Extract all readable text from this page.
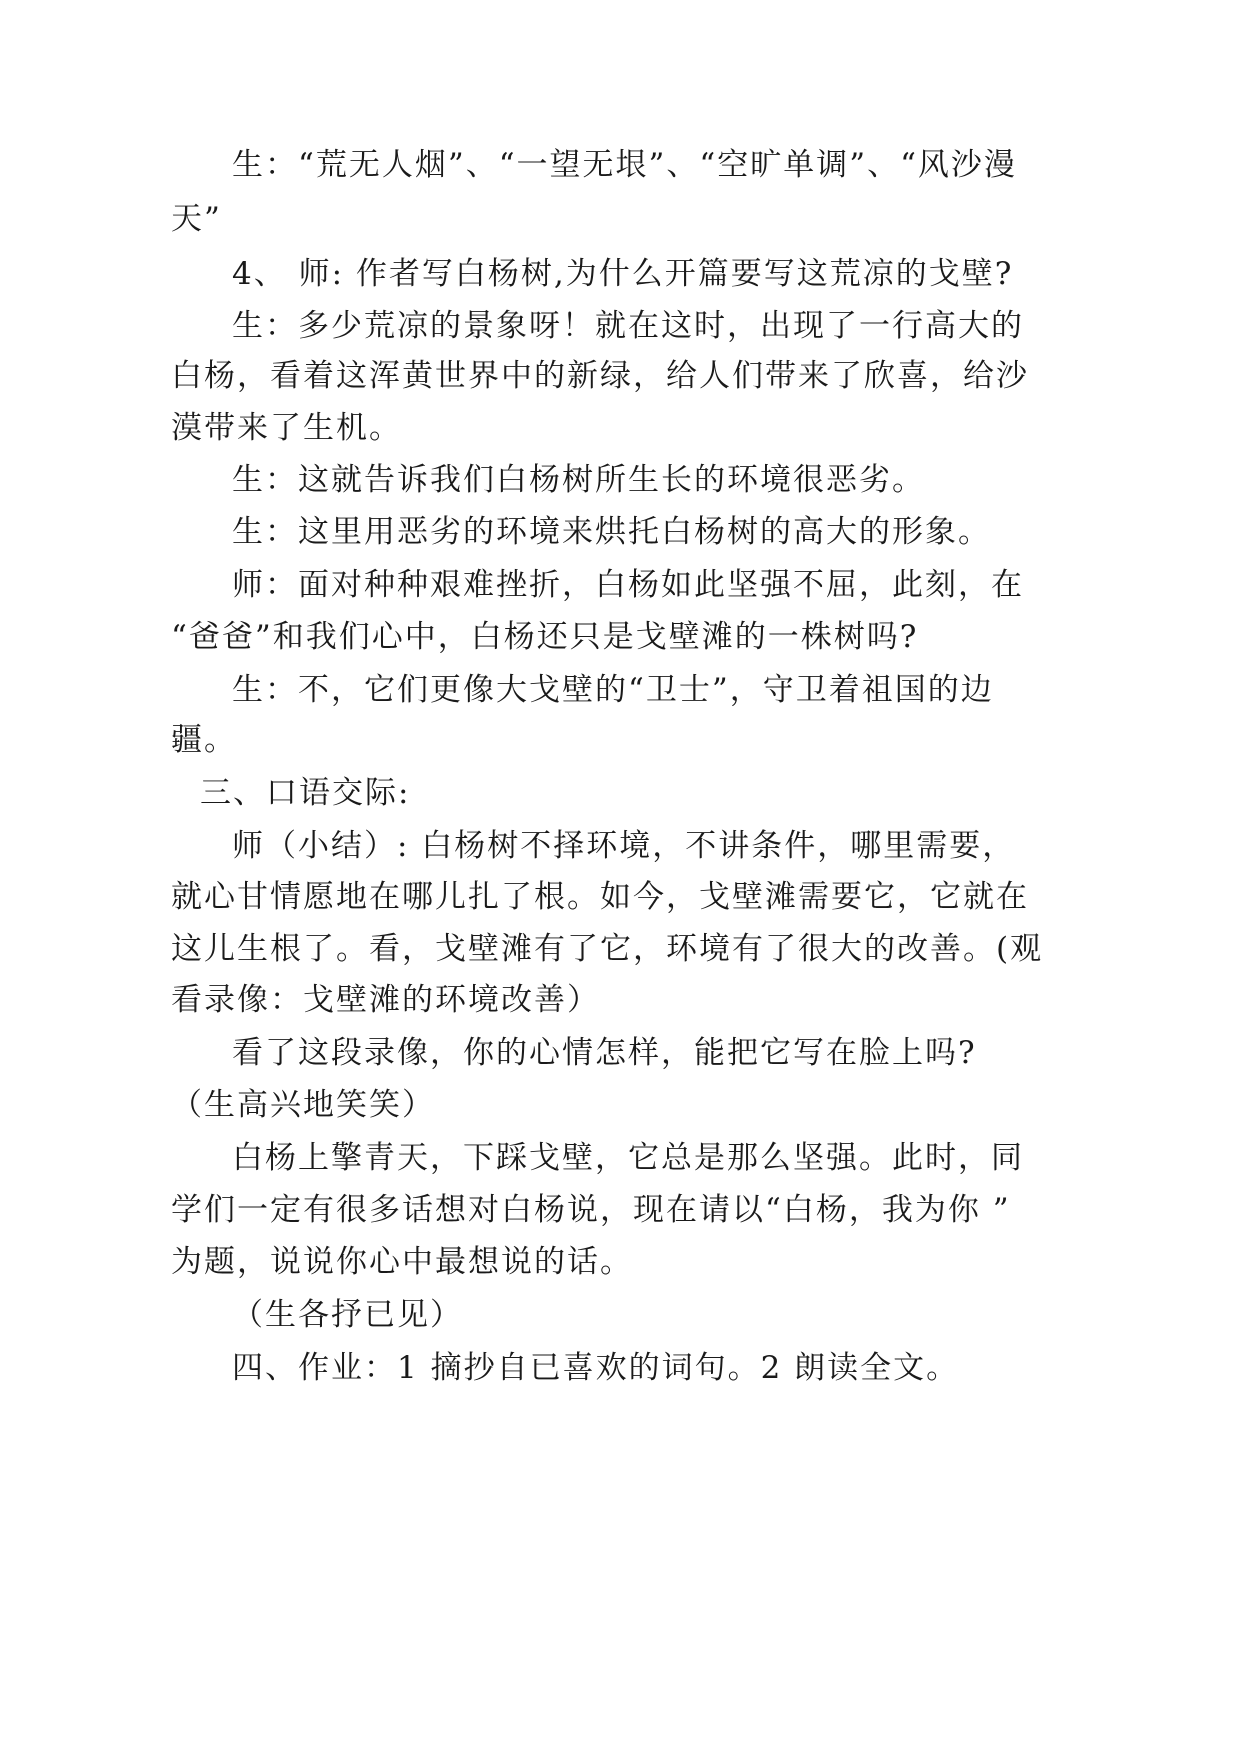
生：“荒无人烟”、“一望无垠”、“空旷单调”、“风沙漫
天”
4、 师: 作者写白杨树,为什么开篇要写这荒凉的戈壁?
生：多少荒凉的景象呀！就在这时，出现了一行高大的
白杨，看着这浑黄世界中的新绿，给人们带来了欣喜，给沙
漠带来了生机。
生：这就告诉我们白杨树所生长的环境很恶劣。
生：这里用恶劣的环境来烘托白杨树的高大的形象。
师：面对种种艰难挫折，白杨如此坚强不屈，此刻，在
“爸爸”和我们心中，白杨还只是戈壁滩的一株树吗?
生：不，它们更像大戈壁的“卫士”，守卫着祖国的边
疆。
三、口语交际:
师（小结）: 白杨树不择环境，不讲条件，哪里需要，
就心甘情愿地在哪儿扎了根。如今，戈壁滩需要它，它就在
这儿生根了。看，戈壁滩有了它，环境有了很大的改善。(观
看录像：戈壁滩的环境改善）
看了这段录像，你的心情怎样，能把它写在脸上吗?
（生高兴地笑笑）
白杨上擎青天，下踩戈壁，它总是那么坚强。此时，同
学们一定有很多话想对白杨说，现在请以“白杨，我为你 ”
为题，说说你心中最想说的话。
（生各抒已见）
四、作业：1 摘抄自已喜欢的词句。2 朗读全文。
